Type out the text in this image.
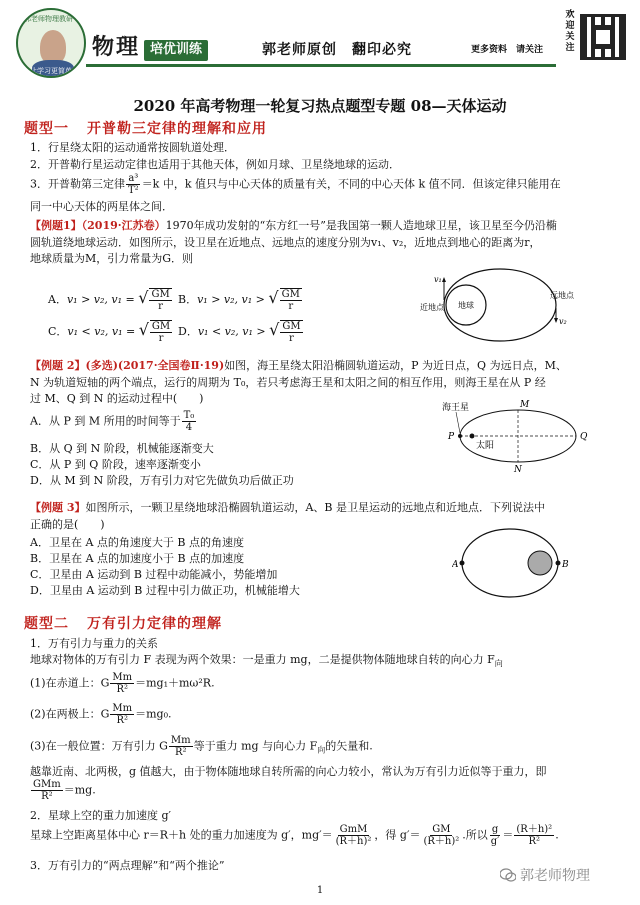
郭老师物理教研
让学习更简单
物理 培优训练	郭老师原创　翻印必究	更多资料　请关注
欢迎关注
2020 年高考物理一轮复习热点题型专题 08—天体运动
题型一 开普勒三定律的理解和应用
1．行星绕太阳的运动通常按圆轨道处理．
2．开普勒行星运动定律也适用于其他天体，例如月球、卫星绕地球的运动．
3．开普勒第三定律 $\frac{\text{a³}}{\text{T²}} =k$ 中，k 值只与中心天体的质量有关，不同的中心天体 k 值不同．但该定律只能用在
同一中心天体的两星体之间．
【例题1】（2019·江苏卷）1970年成功发射的“东方红一号”是我国第一颗人造地球卫星，该卫星至今仍沿椭
圆轨道绕地球运动．如图所示，设卫星在近地点、远地点的速度分别为v₁、v₂，近地点到地心的距离为r，
地球质量为M，引力常量为G．则
A．v₁ > v₂, v₁ = √ $\frac{GM}{r}$ B．v₁ > v₂, v₁ > √ $\frac{GM}{r}$
C．v₁ < v₂, v₁ = √ $\frac{GM}{r}$ D．v₁ < v₂, v₁ > √ $\frac{GM}{r}$
v₁
近地点 地球
远地点
v₂
【例题 2】(多选)(2017·全国卷Ⅱ·19)如图，海王星绕太阳沿椭圆轨道运动，P 为近日点，Q 为远日点，M、
N 为轨道短轴的两个端点，运行的周期为 T₀，若只考虑海王星和太阳之间的相互作用，则海王星在从 P 经
过 M、Q 到 N 的运动过程中(　　)
A．从 P 到 M 所用的时间等于 $\frac{\text{T₀}}{4}$
B．从 Q 到 N 阶段，机械能逐渐变大
C．从 P 到 Q 阶段，速率逐渐变小
D．从 M 到 N 阶段，万有引力对它先做负功后做正功
海王星	M
P
太阳
Q
N
【例题 3】如图所示，一颗卫星绕地球沿椭圆轨道运动，A、B 是卫星运动的远地点和近地点．下列说法中
正确的是(　　)
A．卫星在 A 点的角速度大于 B 点的角速度
B．卫星在 A 点的加速度小于 B 点的加速度
C．卫星由 A 运动到 B 过程中动能减小，势能增加
D．卫星由 A 运动到 B 过程中引力做正功，机械能增大
A	B
题型二 万有引力定律的理解
1．万有引力与重力的关系
地球对物体的万有引力 F 表现为两个效果：一是重力 mg，二是提供物体随地球自转的向心力 $F_向$
(1)在赤道上：G $\frac{Mm}{\text{R²}} =mg_1+m\omega^2R$.
(2)在两极上：G $\frac{Mm}{\text{R²}} =mg_0$.
(3)在一般位置：万有引力 G $\frac{Mm}{\text{R²}}$ 等于重力 mg 与向心力 $F_向$的矢量和.
越靠近南、北两极，g 值越大，由于物体随地球自转所需的向心力较小，常认为万有引力近似等于重力，即
$\frac{\text{GMm}}{\text{R²}} =mg$.
2．星球上空的重力加速度 g′
星球上空距离星体中心 r＝R＋h 处的重力加速度为 g′，$mg'= \frac{\text{GmM}}{\text{(R＋h)²}}$ ，得 $g'= \frac{GM}{\text{(R＋h)²}}$ .所以 $\frac{g}{g'} = \frac{\text{(R＋h)²}}{\text{R²}}$ .
3．万有引力的“两点理解”和“两个推论”
郭老师物理
1
